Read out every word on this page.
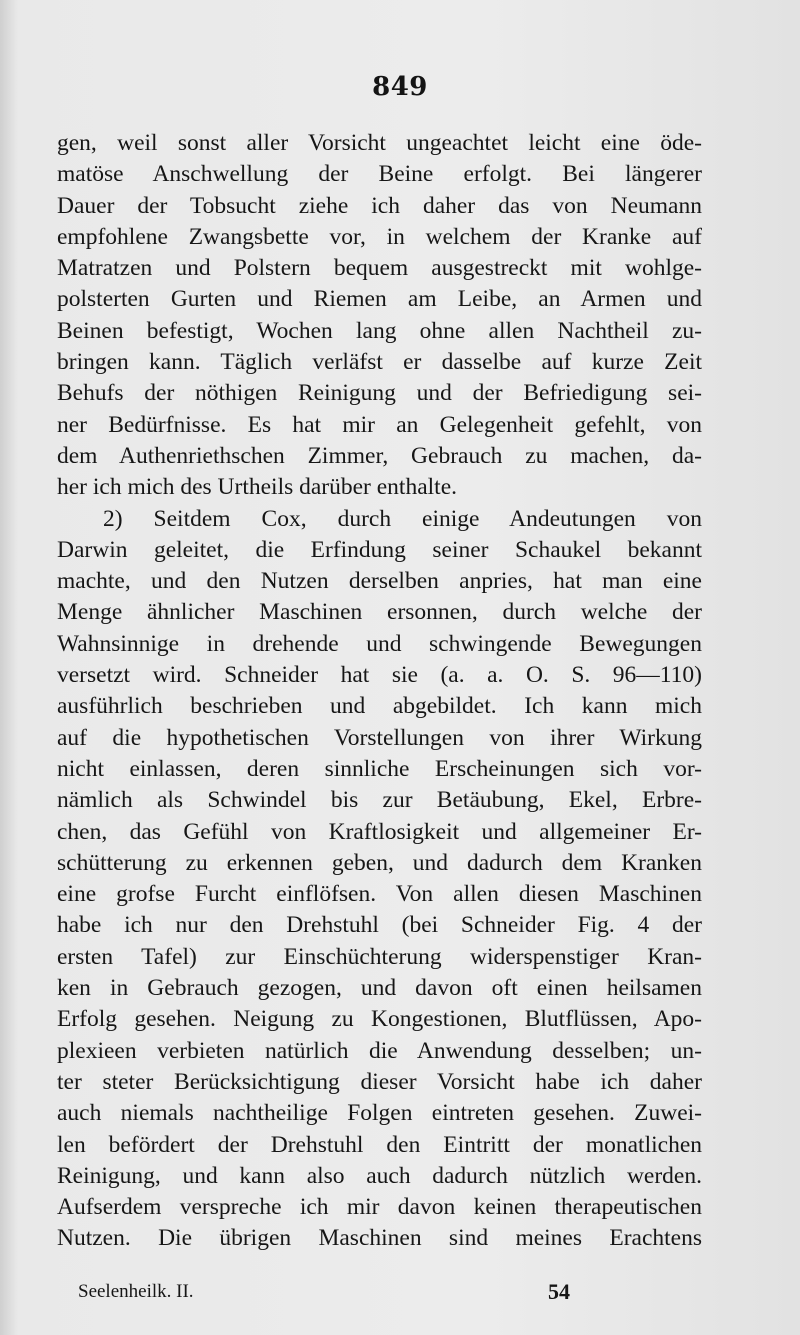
849
gen, weil sonst aller Vorsicht ungeachtet leicht eine öde-
matöse Anschwellung der Beine erfolgt. Bei längerer
Dauer der Tobsucht ziehe ich daher das von Neumann
empfohlene Zwangsbette vor, in welchem der Kranke auf
Matratzen und Polstern bequem ausgestreckt mit wohlge-
polsterten Gurten und Riemen am Leibe, an Armen und
Beinen befestigt, Wochen lang ohne allen Nachtheil zu-
bringen kann. Täglich verläfst er dasselbe auf kurze Zeit
Behufs der nöthigen Reinigung und der Befriedigung sei-
ner Bedürfnisse. Es hat mir an Gelegenheit gefehlt, von
dem Authenriethschen Zimmer, Gebrauch zu machen, da-
her ich mich des Urtheils darüber enthalte.
2) Seitdem Cox, durch einige Andeutungen von
Darwin geleitet, die Erfindung seiner Schaukel bekannt
machte, und den Nutzen derselben anpries, hat man eine
Menge ähnlicher Maschinen ersonnen, durch welche der
Wahnsinnige in drehende und schwingende Bewegungen
versetzt wird. Schneider hat sie (a. a. O. S. 96—110)
ausführlich beschrieben und abgebildet. Ich kann mich
auf die hypothetischen Vorstellungen von ihrer Wirkung
nicht einlassen, deren sinnliche Erscheinungen sich vor-
nämlich als Schwindel bis zur Betäubung, Ekel, Erbre-
chen, das Gefühl von Kraftlosigkeit und allgemeiner Er-
schütterung zu erkennen geben, und dadurch dem Kranken
eine grofse Furcht einflöfsen. Von allen diesen Maschinen
habe ich nur den Drehstuhl (bei Schneider Fig. 4 der
ersten Tafel) zur Einschüchterung widerspenstiger Kran-
ken in Gebrauch gezogen, und davon oft einen heilsamen
Erfolg gesehen. Neigung zu Kongestionen, Blutflüssen, Apo-
plexieen verbieten natürlich die Anwendung desselben; un-
ter steter Berücksichtigung dieser Vorsicht habe ich daher
auch niemals nachtheilige Folgen eintreten gesehen. Zuwei-
len befördert der Drehstuhl den Eintritt der monatlichen
Reinigung, und kann also auch dadurch nützlich werden.
Aufserdem verspreche ich mir davon keinen therapeutischen
Nutzen. Die übrigen Maschinen sind meines Erachtens
Seelenheilk. II.	54
